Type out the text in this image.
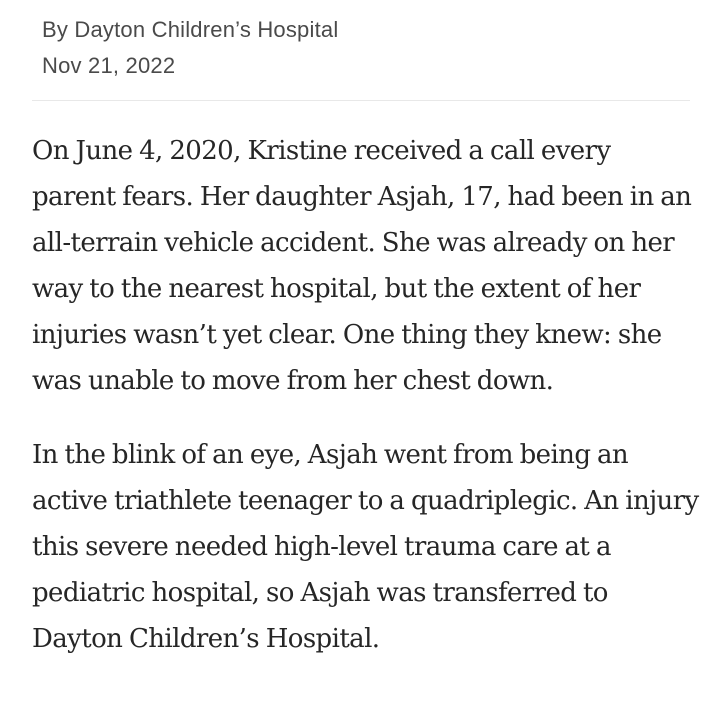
By Dayton Children’s Hospital
Nov 21, 2022

On June 4, 2020, Kristine received a call every parent fears. Her daughter Asjah, 17, had been in an all-terrain vehicle accident. She was already on her way to the nearest hospital, but the extent of her injuries wasn’t yet clear. One thing they knew: she was unable to move from her chest down.

In the blink of an eye, Asjah went from being an active triathlete teenager to a quadriplegic. An injury this severe needed high-level trauma care at a pediatric hospital, so Asjah was transferred to Dayton Children’s Hospital.
